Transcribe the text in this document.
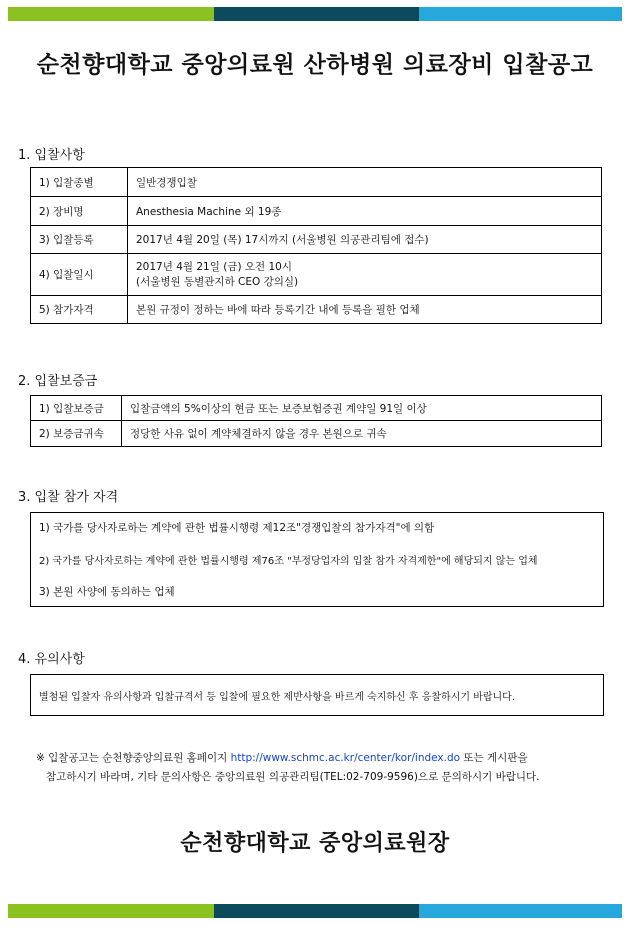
순천향대학교 중앙의료원 산하병원 의료장비 입찰공고
1. 입찰사항
1) 입찰종별	일반경쟁입찰
2) 장비명	Anesthesia Machine 외 19종
3) 입찰등록	2017년 4월 20일 (목) 17시까지 (서울병원 의공관리팀에 접수)
4) 입찰일시	2017년 4월 21일 (금) 오전 10시
(서울병원 동별관지하 CEO 강의실)

5) 참가자격	본원 규정이 정하는 바에 따라 등록기간 내에 등록을 필한 업체
2. 입찰보증금
1) 입찰보증금	입찰금액의 5%이상의 현금 또는 보증보험증권 계약일 91일 이상
2) 보증금귀속	정당한 사유 없이 계약체결하지 않을 경우 본원으로 귀속
3. 입찰 참가 자격
1) 국가를 당사자로하는 계약에 관한 법률시행령 제12조"경쟁입찰의 참가자격"에 의함
2) 국가를 당사자로하는 계약에 관한 법률시행령 제76조 "부정당업자의 입찰 참가 자격제한"에 해당되지 않는 업체
3) 본원 사양에 동의하는 업체
4. 유의사항
별첨된 입찰자 유의사항과 입찰규격서 등 입찰에 필요한 제반사항을 바르게 숙지하신 후 응찰하시기 바랍니다.
※ 입찰공고는 순천향중앙의료원 홈페이지 http://www.schmc.ac.kr/center/kor/index.do 또는 게시판을
참고하시기 바라며, 기타 문의사항은 중앙의료원 의공관리팀(TEL:02-709-9596)으로 문의하시기 바랍니다.
순천향대학교 중앙의료원장
